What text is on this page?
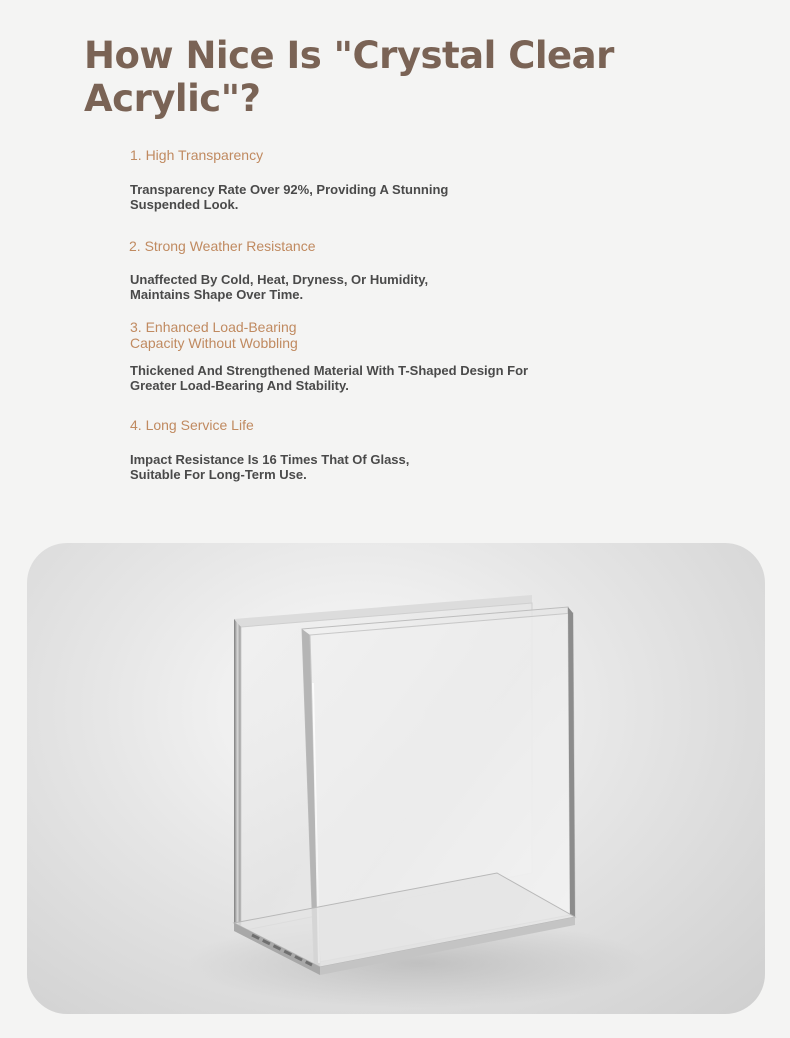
How Nice Is "Crystal Clear
Acrylic"?
1. High Transparency

Transparency Rate Over 92%, Providing A Stunning
Suspended Look.

2. Strong Weather Resistance

Unaffected By Cold, Heat, Dryness, Or Humidity,
Maintains Shape Over Time.

3. Enhanced Load-Bearing
Capacity Without Wobbling

Thickened And Strengthened Material With T-Shaped Design For
Greater Load-Bearing And Stability.

4. Long Service Life

Impact Resistance Is 16 Times That Of Glass,
Suitable For Long-Term Use.
